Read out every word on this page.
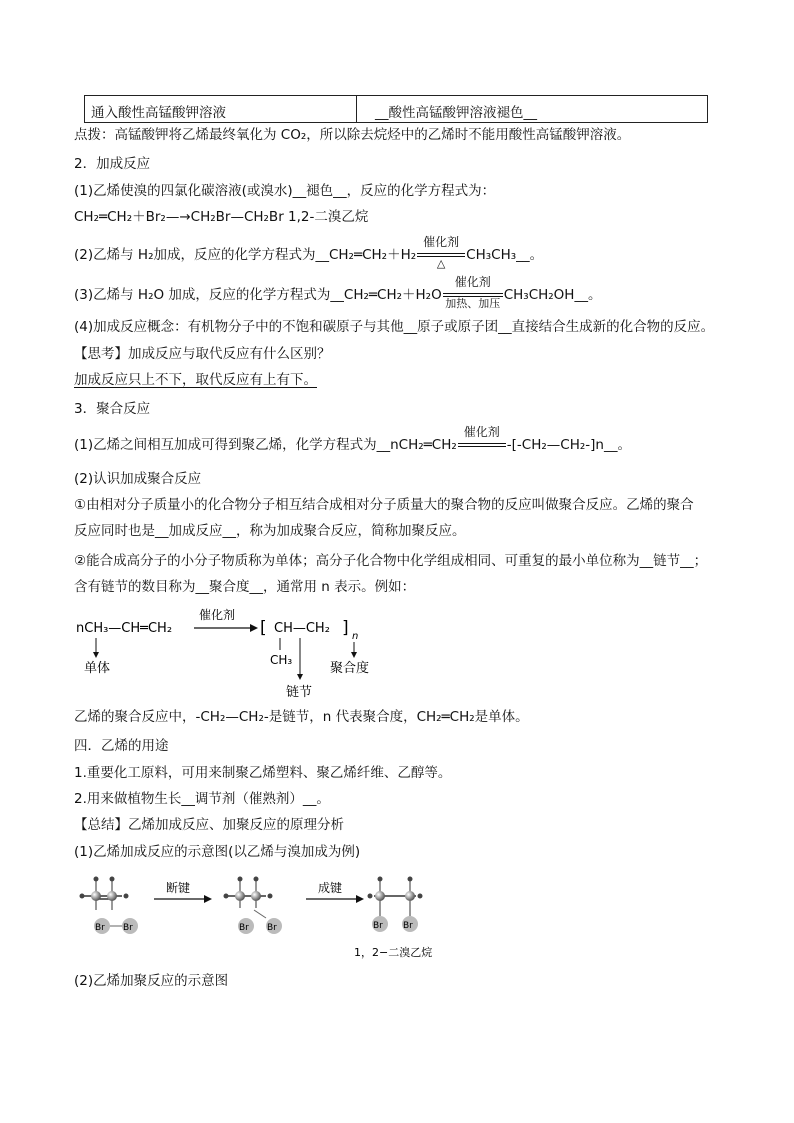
通入酸性高锰酸钾溶液	__酸性高锰酸钾溶液褪色__
点拨：高锰酸钾将乙烯最终氧化为 CO₂，所以除去烷烃中的乙烯时不能用酸性高锰酸钾溶液。
2．加成反应
(1)乙烯使溴的四氯化碳溶液(或溴水)__褪色__，反应的化学方程式为：
CH₂═CH₂＋Br₂—→CH₂Br—CH₂Br 1,2-二溴乙烷
(2)乙烯与 H₂加成，反应的化学方程式为__CH₂═CH₂＋H₂
催化剂
△
CH₃CH₃__。
(3)乙烯与 H₂O 加成，反应的化学方程式为__CH₂═CH₂＋H₂O
催化剂
加热、加压
CH₃CH₂OH__。
(4)加成反应概念：有机物分子中的不饱和碳原子与其他__原子或原子团__直接结合生成新的化合物的反应。
【思考】加成反应与取代反应有什么区别？
加成反应只上不下，取代反应有上有下。
3．聚合反应
(1)乙烯之间相互加成可得到聚乙烯，化学方程式为__nCH₂═CH₂
催化剂
-[-CH₂—CH₂-]n__。
(2)认识加成聚合反应
①由相对分子质量小的化合物分子相互结合成相对分子质量大的聚合物的反应叫做聚合反应。乙烯的聚合
反应同时也是__加成反应__，称为加成聚合反应，简称加聚反应。
②能合成高分子的小分子物质称为单体；高分子化合物中化学组成相同、可重复的最小单位称为__链节__；
含有链节的数目称为__聚合度__，通常用 n 表示。例如：
nCH₃—CH═CH₂
催化剂
[ CH—CH₂ ] n
单体
CH₃
链节
聚合度
乙烯的聚合反应中，-CH₂—CH₂-是链节，n 代表聚合度，CH₂═CH₂是单体。
四．乙烯的用途
1.重要化工原料，可用来制聚乙烯塑料、聚乙烯纤维、乙醇等。
2.用来做植物生长__调节剂（催熟剂）__。
【总结】乙烯加成反应、加聚反应的原理分析
(1)乙烯加成反应的示意图(以乙烯与溴加成为例)
Br Br
断键
Br Br
成键
Br Br
1，2−二溴乙烷
(2)乙烯加聚反应的示意图
